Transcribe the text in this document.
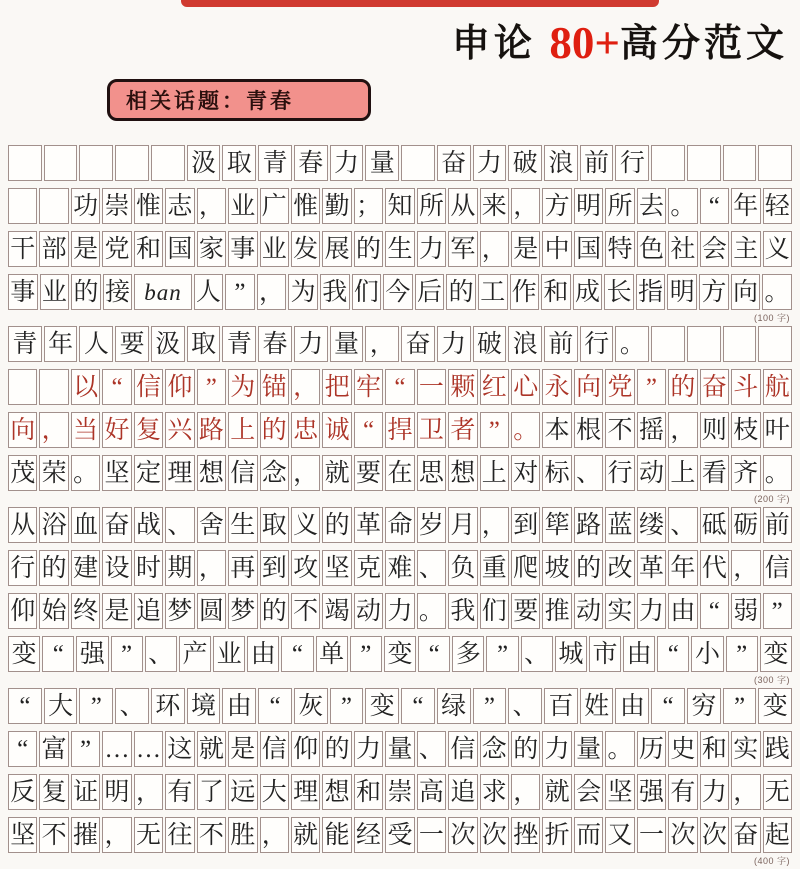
申论 80+高分范文
相关话题：青春
汲 取 青 春 力 量 奋 力 破 浪 前 行
功 崇 惟 志 ， 业 广 惟 勤 ； 知 所 从 来 ， 方 明 所 去 。 “ 年 轻
干 部 是 党 和 国 家 事 业 发 展 的 生 力 军 ， 是 中 国 特 色 社 会 主 义
事 业 的 接 ban 人 ” ， 为 我 们 今 后 的 工 作 和 成 长 指 明 方 向 。
(100 字)
青 年 人 要 汲 取 青 春 力 量 ， 奋 力 破 浪 前 行 。
以 “ 信 仰 ” 为 锚 ， 把 牢 “ 一 颗 红 心 永 向 党 ” 的 奋 斗 航
向 ， 当 好 复 兴 路 上 的 忠 诚 “ 捍 卫 者 ” 。 本 根 不 摇 ， 则 枝 叶
茂 荣 。 坚 定 理 想 信 念 ， 就 要 在 思 想 上 对 标 、 行 动 上 看 齐 。
(200 字)
从 浴 血 奋 战 、 舍 生 取 义 的 革 命 岁 月 ， 到 筚 路 蓝 缕 、 砥 砺 前
行 的 建 设 时 期 ， 再 到 攻 坚 克 难 、 负 重 爬 坡 的 改 革 年 代 ， 信
仰 始 终 是 追 梦 圆 梦 的 不 竭 动 力 。 我 们 要 推 动 实 力 由 “ 弱 ”
变 “ 强 ” 、 产 业 由 “ 单 ” 变 “ 多 ” 、 城 市 由 “ 小 ” 变
(300 字)
“ 大 ” 、 环 境 由 “ 灰 ” 变 “ 绿 ” 、 百 姓 由 “ 穷 ” 变
“ 富 ” … … 这 就 是 信 仰 的 力 量 、 信 念 的 力 量 。 历 史 和 实 践
反 复 证 明 ， 有 了 远 大 理 想 和 崇 高 追 求 ， 就 会 坚 强 有 力 ， 无
坚 不 摧 ， 无 往 不 胜 ， 就 能 经 受 一 次 次 挫 折 而 又 一 次 次 奋 起
(400 字)
